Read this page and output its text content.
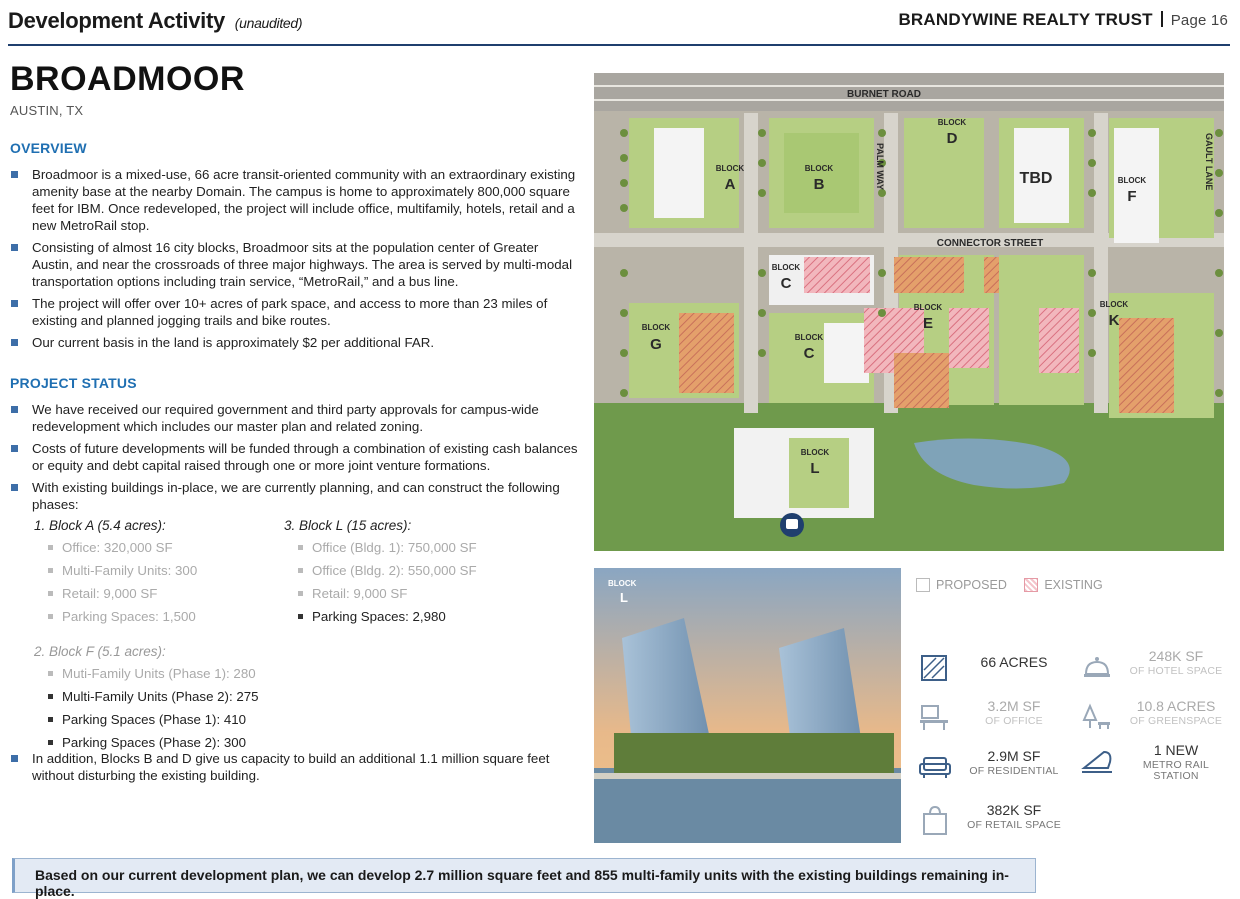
Development Activity (unaudited)	BRANDYWINE REALTY TRUST Page 16
BROADMOOR
AUSTIN, TX
OVERVIEW
Broadmoor is a mixed-use, 66 acre transit-oriented community with an extraordinary existing amenity base at the nearby Domain. The campus is home to approximately 800,000 square feet for IBM. Once redeveloped, the project will include office, multifamily, hotels, retail and a new MetroRail stop.
Consisting of almost 16 city blocks, Broadmoor sits at the population center of Greater Austin, and near the crossroads of three major highways. The area is served by multi-modal transportation options including train service, “MetroRail,” and a bus line.
The project will offer over 10+ acres of park space, and access to more than 23 miles of existing and planned jogging trails and bike routes.
Our current basis in the land is approximately $2 per additional FAR.
PROJECT STATUS
We have received our required government and third party approvals for campus-wide redevelopment which includes our master plan and related zoning.
Costs of future developments will be funded through a combination of existing cash balances or equity and debt capital raised through one or more joint venture formations.
With existing buildings in-place, we are currently planning, and can construct the following phases:
1. Block A (5.4 acres):
Office: 320,000 SF
Multi-Family Units: 300
Retail: 9,000 SF
Parking Spaces: 1,500
3. Block L (15 acres):
Office (Bldg. 1): 750,000 SF
Office (Bldg. 2): 550,000 SF
Retail: 9,000 SF
Parking Spaces: 2,980
2. Block F (5.1 acres):
Muti-Family Units (Phase 1): 280
Multi-Family Units (Phase 2): 275
Parking Spaces (Phase 1): 410
Parking Spaces (Phase 2): 300
In addition, Blocks B and D give us capacity to build an additional 1.1 million square feet without disturbing the existing building.
BURNET ROAD
CONNECTOR STREET
PALM WAY	GAULT LANE
BLOCK
A
BLOCK
B
BLOCK
D
TBD	BLOCK
F
BLOCK
C
BLOCK
E
BLOCK
K
BLOCK
G	BLOCK
C
BLOCK
L
BLOCK
L
PROPOSED	EXISTING
66 ACRES	248K SF
OF HOTEL SPACE
3.2M SF
OF OFFICE
10.8 ACRES
OF GREENSPACE
2.9M SF
OF RESIDENTIAL
1 NEW
METRO RAIL STATION
382K SF
OF RETAIL SPACE
Based on our current development plan, we can develop 2.7 million square feet and 855 multi-family units with the existing buildings remaining in-place.
